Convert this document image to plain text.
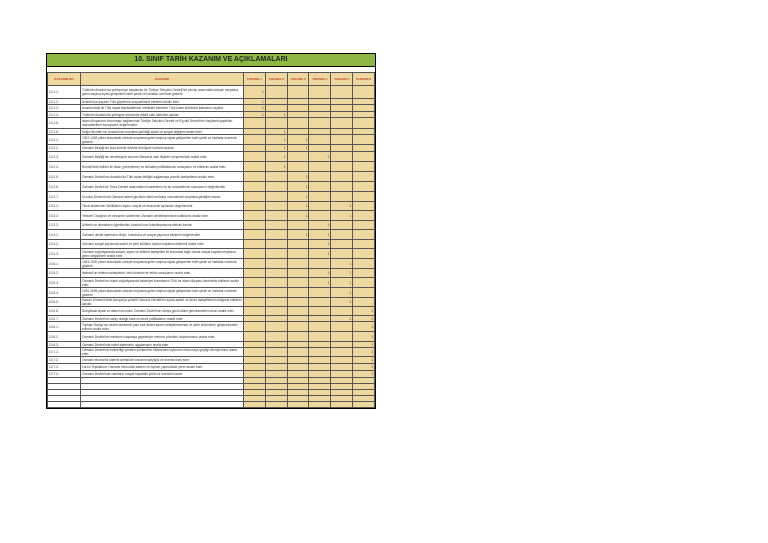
10. SINIF TARİH KAZANIM VE AÇIKLAMALARI
KAZANIM NO	KAZANIM	TARAMA 1	TARAMA 2	TARAMA 3	TARAMA 4	TARAMA 5	TARAMA 6
10.1.1.	Türklerin Anadolu'ya yerleşmeye başlaması ile Türkiye Selçuklu Devleti'nin yıkılışı arasındaki süreçte meydana gelen başlıca siyasi gelişmeleri tarih şeridi ve haritalar üzerinde gösterir.	1					
10.1.2.	Anadolu'ya yapılan Türk göçlerinin sosyokültürel etkilerini analiz eder.	1					
10.1.3.	Anadolu'daki ilk Türk siyasi teşekküllerinin ürettikleri eserlerin Türk-İslam kültürüne katkılarını açıklar.	1					
10.1.4.	Türklerin Anadolu'da yerleşme sürecinde etkilili olan faktörleri açıklar.	1	1				
10.1.5.	İslam dünyasının korunması bağlamında Türkiye Selçuklu Devleti ve Eyyubi Devleti'nin Haçlılarla yaptıkları mücadelelerin sonuçlarını değerlendirir.						
10.1.6.	Moğol Akınları'nın Anadolu'da meydana getirdiği siyasi ve sosyal değişimi analiz eder.		1				
10.2.1.	1302-1453 yılları arasındaki süreçte meydana gelen başlıca siyasi gelişmeleri tarih şeridi ve haritalar üzerinde gösterir.		1	1			
10.2.2.	Osmanlı Beyliği'nin kısa sürede devlete dönüşme sürecini açıklar.		1	1			
10.2.3.	Osmanlı Beyliği'nin devletleşme sürecini Bizans'la olan ilişkileri çerçevesinde analiz eder.		1		1		
10.2.4.	Rumeli'deki fetihler ile iskan (yerleştirme) ve istimalet politikalarının amaçlarını ve etkilerini analiz eder.		1				
10.2.5.	Osmanlı Devleti'nin Anadolu'da Türk siyasi birliğini sağlamaya yönelik faaliyetlerini analiz eder.			1			
10.2.6.	Osmanlı Devleti ile Timur Devleti arasındaki mücadelenin ve bu mücadelenin sonuçlarını değerlendirir.			1			
10.2.7.	Kuruluş Dönemi'nde Osmanlı askeri gücünün farklı muharip unsurlardan meydana geldiğini kavrar.			1			
10.3.1.	Timar sisteminin özelliklerini siyasi, sosyal ve ekonomik açılardan değerlendirir.			1		1	
10.3.2.	Yeniçeri Ocağının ve devşirme sisteminin Osmanlı devletleşmesine katkılarını analiz eder.			1		1	
10.3.3.	Ahilerin ve ulemaların öğretilerinin Anadolu'nun İslamlaşmasına etkisini kavrar.				1		
10.4.1.	Osmanlı devlet idaresinin dinçe, hukukuna ve sosyal yapısına etkilerini değerlendirir.			1	1		
10.4.2.	Osmanlı sosyal yapısında askeri ve yerli kültürün toplum hayatına etkilerini analiz eder.				1		
10.4.3.	Osmanlı coğrafyasında sosyal, siyasi ve kültürel faaliyetleri ile kurumsal bağlı olarak sosyal hayatta meydana gelen değişimleri analiz eder.				1		
10.5.1.	1453-1520 yılları arasındaki süreçte meydana gelen başlıca siyasi gelişmeleri tarih şeridi ve haritalar üzerinde gösterir.					1	
10.5.2.	İstanbul'un fethinin sebeplerini, fethi sürecini ve fethin sonuçlarını analiz eder.				1	1	
10.5.3.	Osmanlı Devleti'nin İslam coğrafyasında hakimiyet kurmasının Türk ve İslam dünyası üzerindeki etkilerini analiz eder.				1	1	
10.5.4.	1520-1595 yılları arasındaki süreçte meydana gelen başlıca siyasi gelişmeleri tarih şeridi ve haritalar üzerinde gösterir.					1	
10.5.5.	Kanuni Dönemi'ndeki Avrupa'ya yönelik Osmanlı Devleti'nin siyasi-askeri ve deniz faaliyetlerinin bölgesel etkilerini açıklar.					1	
10.5.6.	Dünyadaki siyasi ve askeri durumun Osmanlı Devleti'nin dünya gücü haline gelmesindeki rolünü analiz eder.						1
10.5.7.	Osmanlı Devleti'nin sahip olduğu kara ve deniz politikalarını analiz eder.					1	1
10.6.1.	Topkapı Sarayı'nın devlet idaresinin yanı sıra devlet adamı yetiştirilmesinde ve şehir kültürünün gelişmesindeki rollerini analiz eder.						1
10.6.2.	Osmanlı Devleti'nin merkeze ulaşmaya gayeleriyle merkezi yönetimi oluşturmasını analiz eder.						1
10.6.3.	Osmanlı Devleti'nde millet sisteminin uygulanışını analiz eder.						1
10.7.1.	Osmanlı Devleti'nin belirlediği yönetim yönteminin bilinmeden toplumun ekonomiye geçtiği dönüşümünü analiz eder.						1
10.7.2.	Osmanlı ekonomik sistemi içerisinde loncanın işleyişini ve önemini fark eder.						1
10.7.3.	Loncu Teşkilatının Osmanlı ekonomik sistemi ve toplum yapısındaki yerini analiz eder.						1
10.7.4.	Osmanlı Devleti'nde vakıfların sosyal hayattaki yerini ve önemini kavrar.						1
